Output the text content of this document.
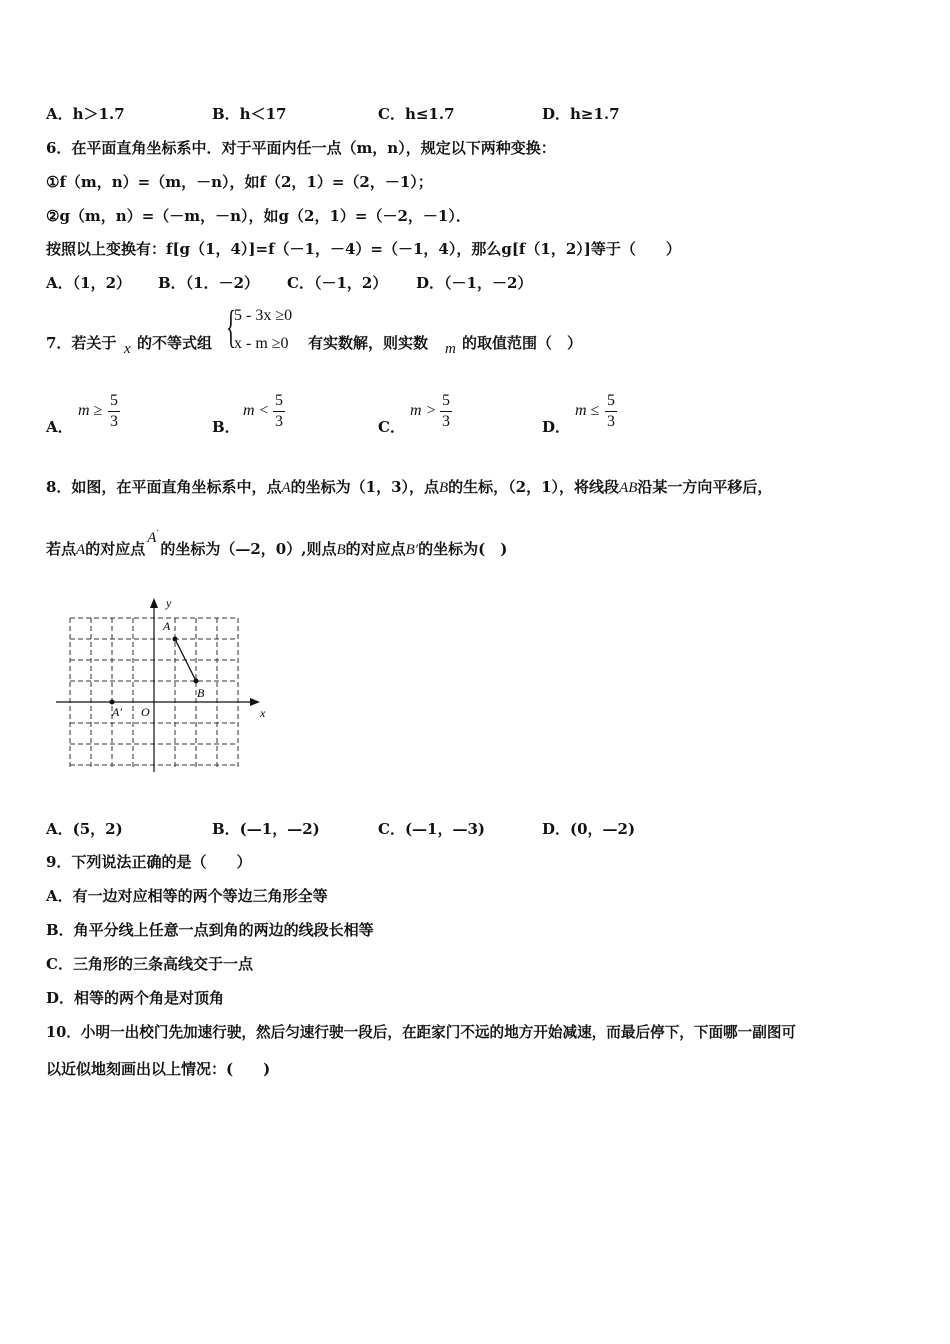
A．h＞1.7	B．h＜17	C．h≤1.7	D．h≥1.7
6．在平面直角坐标系中．对于平面内任一点（m，n），规定以下两种变换：
①f（m，n）=（m，－n），如f（2，1）=（2，－1）；
②g（m，n）=（－m，－n），如g（2，1）=（－2，－1）．
按照以上变换有：f[g（1，4）]=f（－1，－4）=（－1，4），那么g[f（1，2）]等于（　　）
A．（1，2） B．（1．－2） C．（－1，2） D．（－1，－2）
7．若关于 x 的不等式组 {
5 - 3x ≥0
x - m ≥0 有实数解，则实数 m 的取值范围（　）
A．
m ≥
5
3	B．
m <
5
3	C．
m >
5
3	D．
m ≤
5
3
8．如图，在平面直角坐标系中，点A的坐标为（1，3），点B的生标，（2，1），将线段AB沿某一方向平移后，
若点A的对应点A′的坐标为（—2，0）,则点B的对应点B′的坐标为(　)
x
y
O
A
B
A′
A．(5，2)	B．(—1，—2)	C．(—1，—3)	D．(0，—2)
9．下列说法正确的是（　　）
A．有一边对应相等的两个等边三角形全等
B．角平分线上任意一点到角的两边的线段长相等
C．三角形的三条高线交于一点
D．相等的两个角是对顶角
10．小明一出校门先加速行驶，然后匀速行驶一段后，在距家门不远的地方开始减速，而最后停下，下面哪一副图可
以近似地刻画出以上情况：(　　)
